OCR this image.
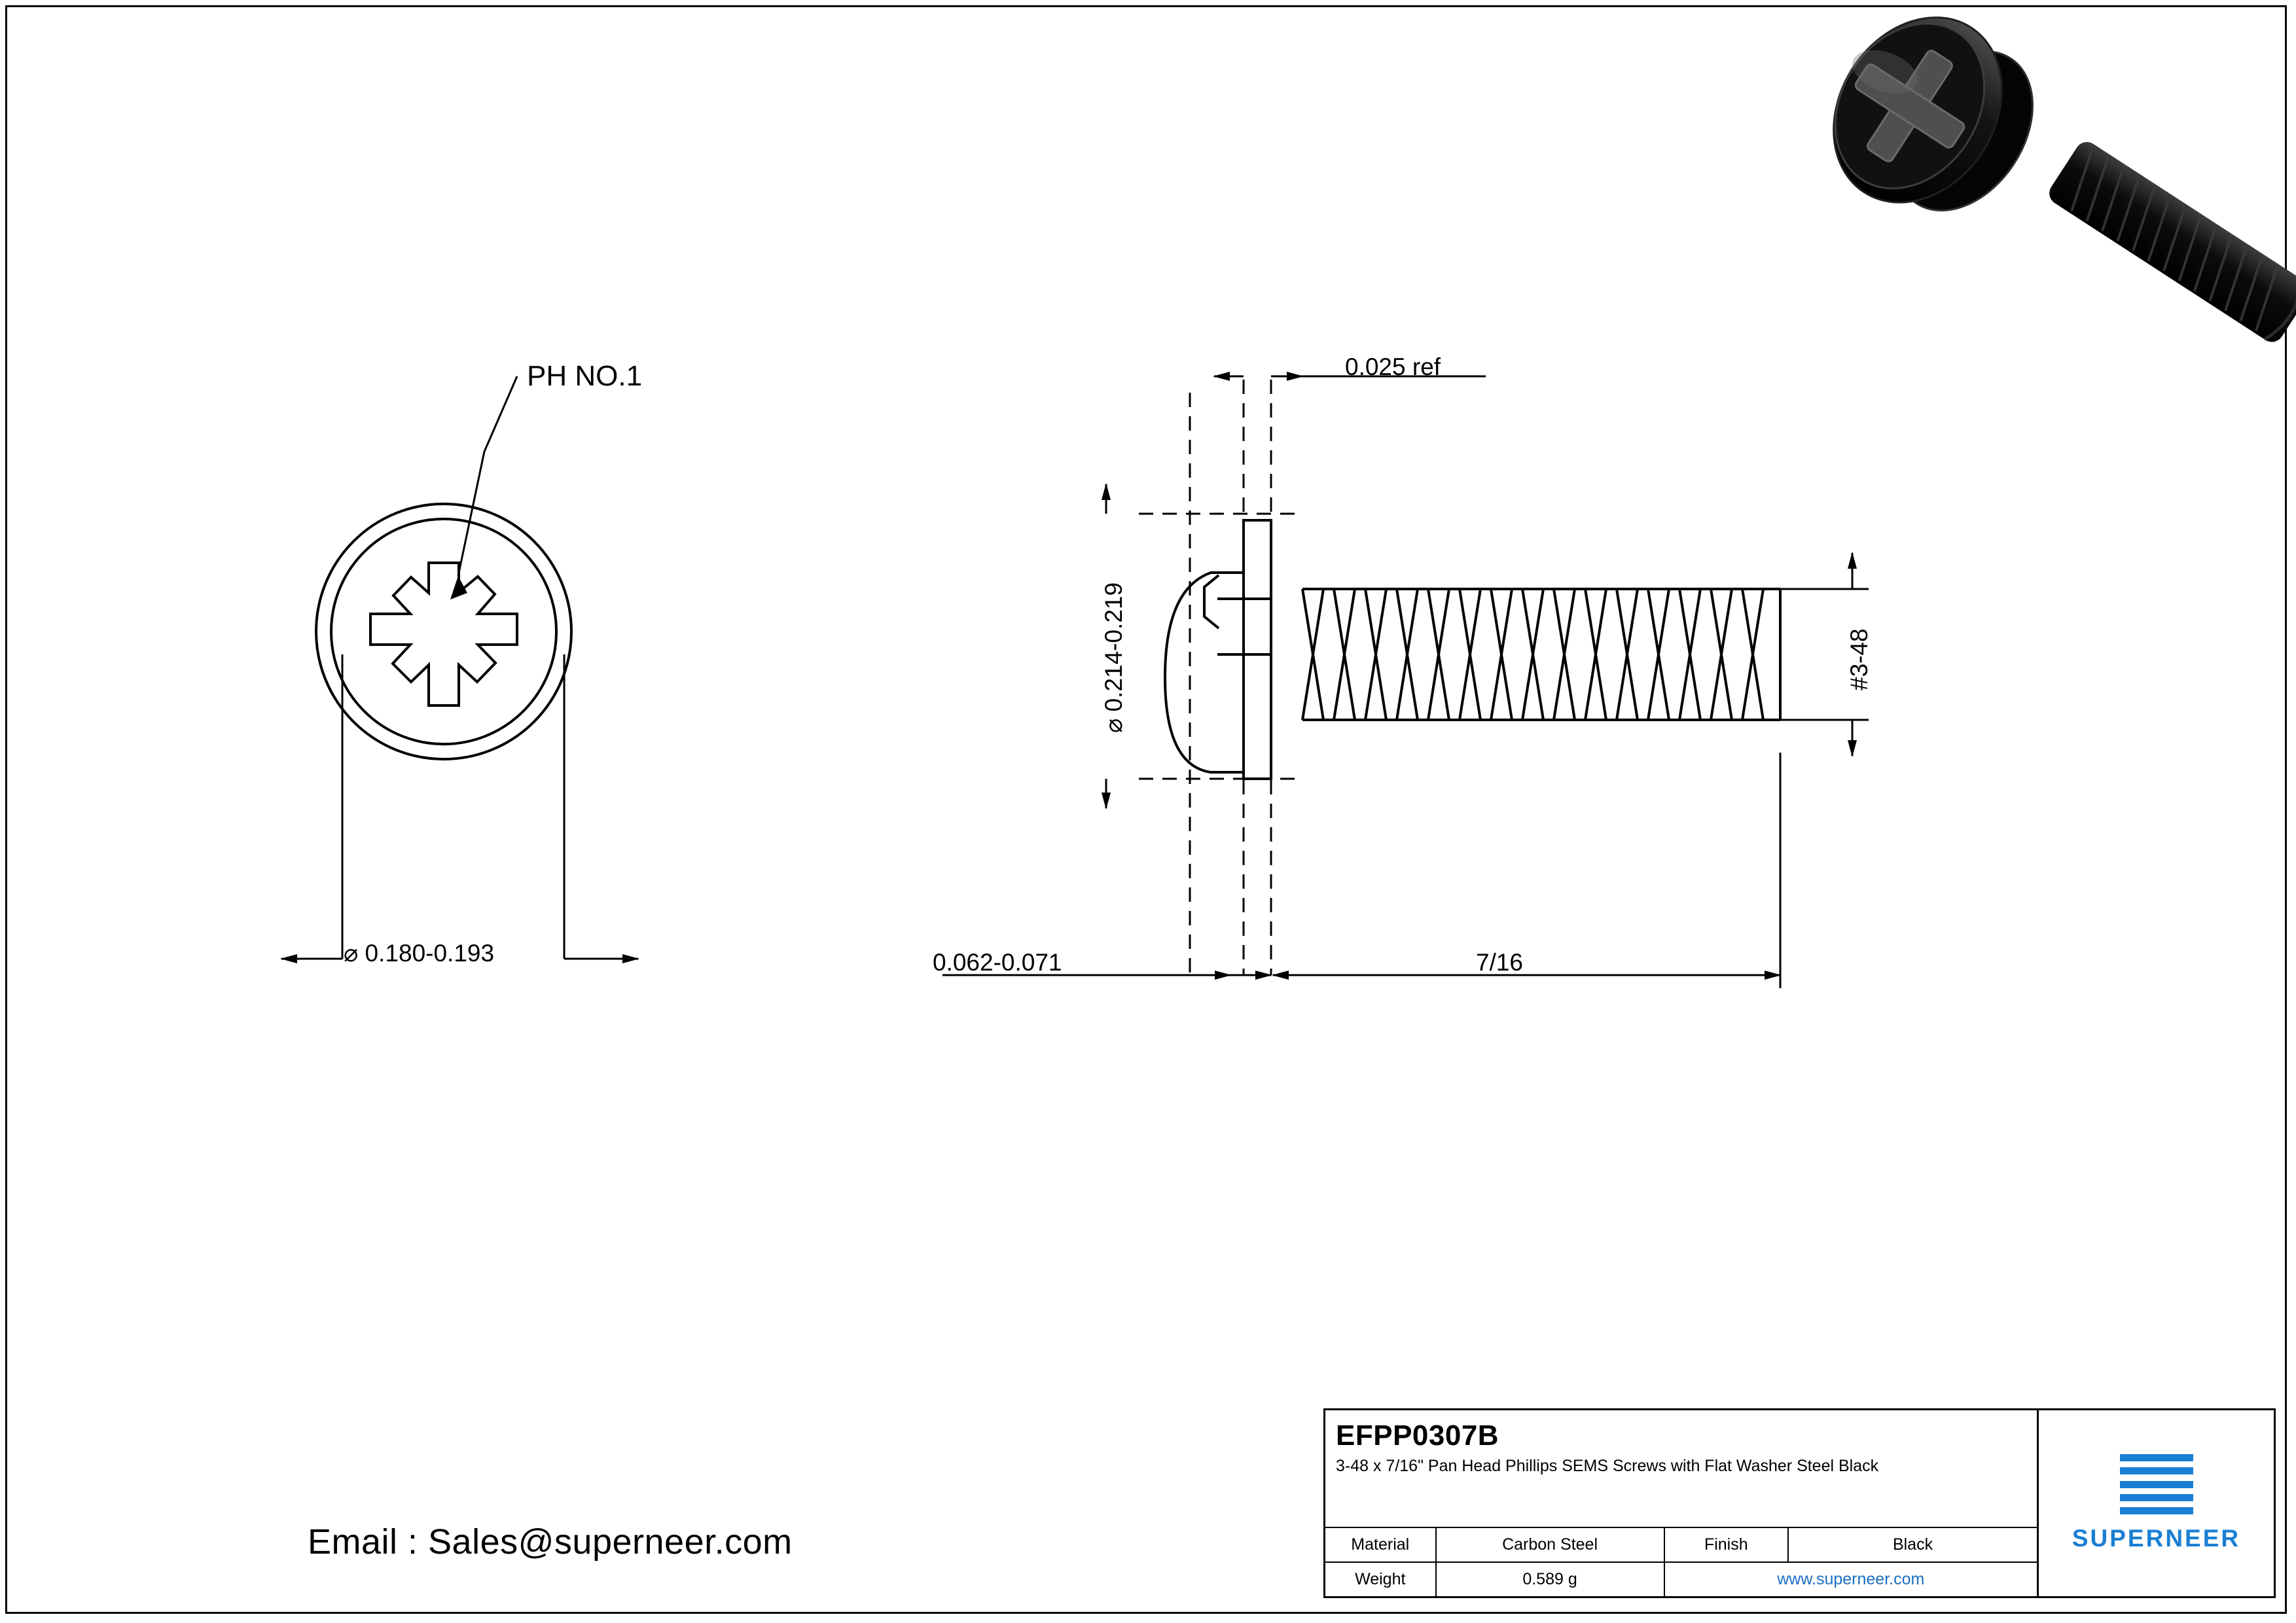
PH NO.1
⌀ 0.180-0.193
0.025 ref
⌀ 0.214-0.219	#3-48
0.062-0.071	7/16
Email : Sales@superneer.com
EFPP0307B
3-48 x 7/16" Pan Head Phillips SEMS Screws with Flat Washer Steel Black
Material	Carbon Steel	Finish	Black
Weight	0.589 g	www.superneer.com
SUPERNEER
